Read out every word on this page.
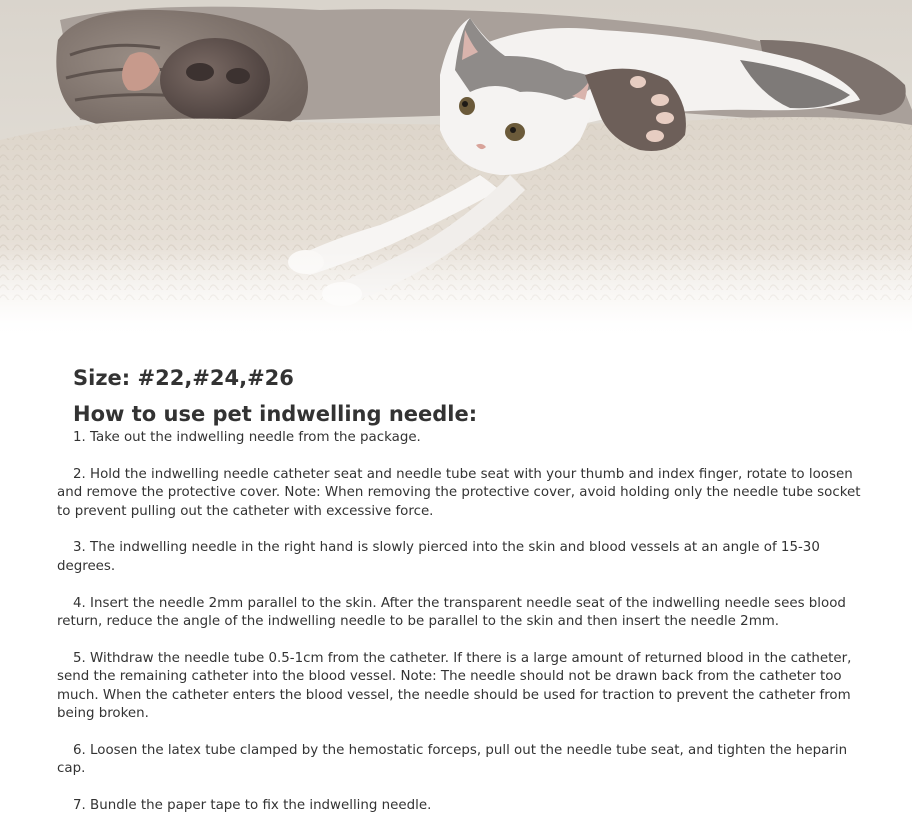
Size: #22,#24,#26
How to use pet indwelling needle:
1. Take out the indwelling needle from the package.
2. Hold the indwelling needle catheter seat and needle tube seat with your thumb and index finger, rotate to loosen and remove the protective cover. Note: When removing the protective cover, avoid holding only the needle tube socket to prevent pulling out the catheter with excessive force.
3. The indwelling needle in the right hand is slowly pierced into the skin and blood vessels at an angle of 15-30 degrees.
4. Insert the needle 2mm parallel to the skin. After the transparent needle seat of the indwelling needle sees blood return, reduce the angle of the indwelling needle to be parallel to the skin and then insert the needle 2mm.
5. Withdraw the needle tube 0.5-1cm from the catheter. If there is a large amount of returned blood in the catheter, send the remaining catheter into the blood vessel. Note: The needle should not be drawn back from the catheter too much. When the catheter enters the blood vessel, the needle should be used for traction to prevent the catheter from being broken.
6. Loosen the latex tube clamped by the hemostatic forceps, pull out the needle tube seat, and tighten the heparin cap.
7. Bundle the paper tape to fix the indwelling needle.
